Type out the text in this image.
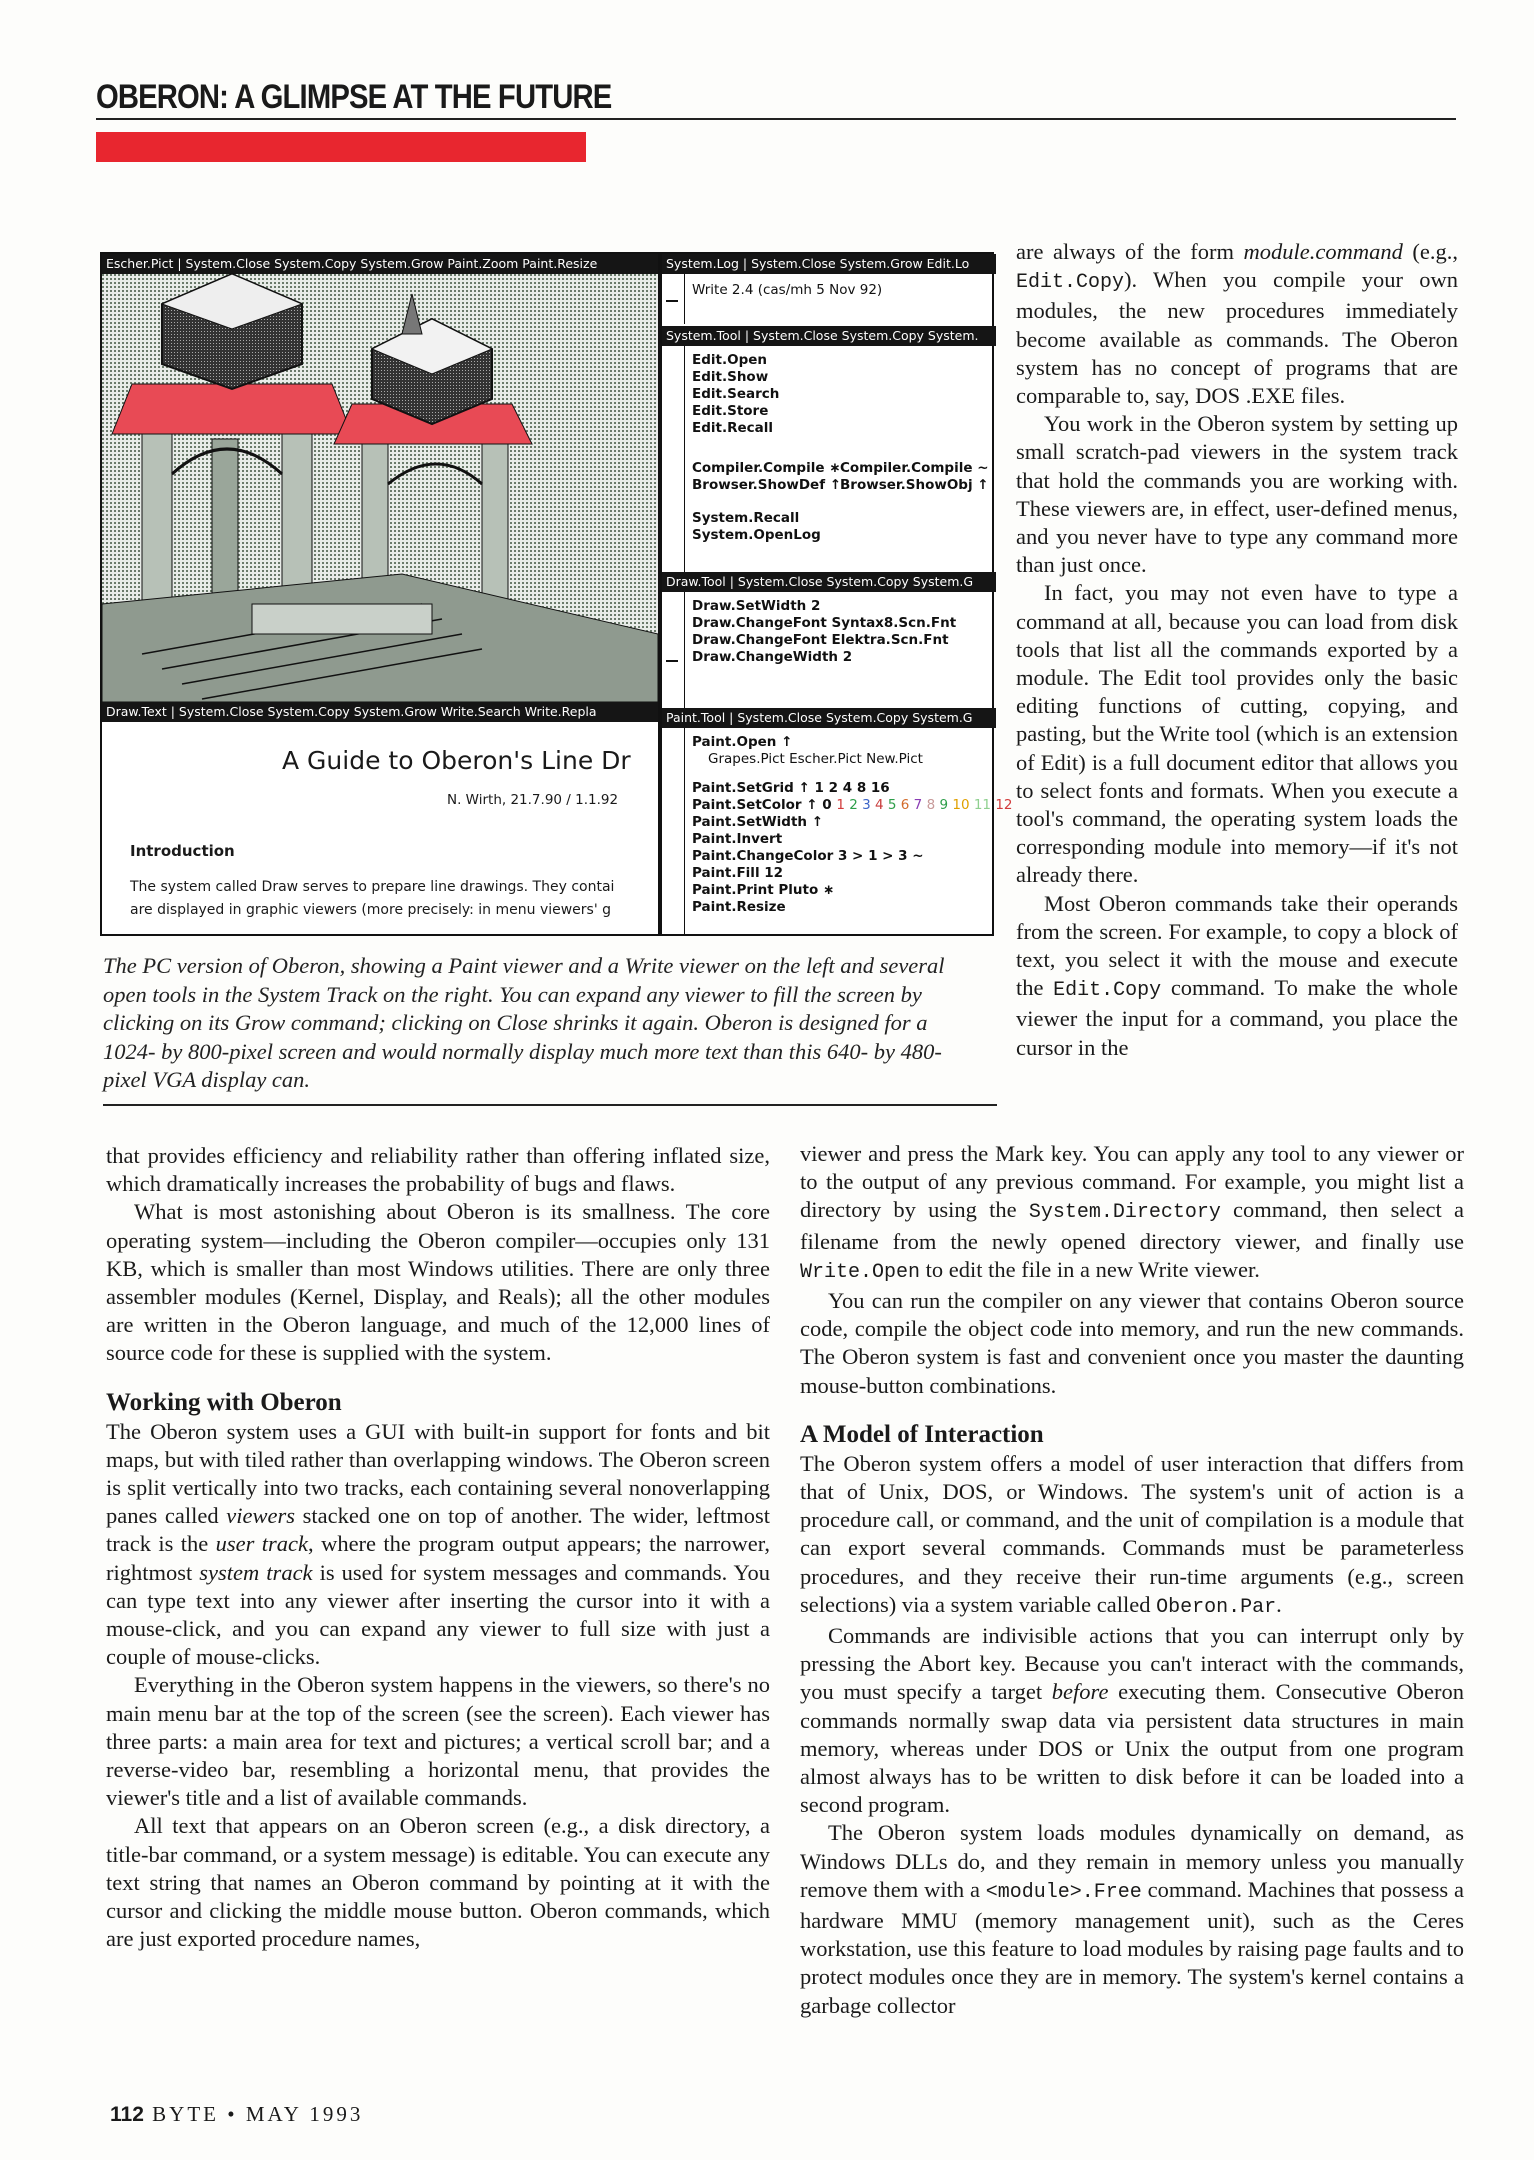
OBERON: A GLIMPSE AT THE FUTURE
Escher.Pict | System.Close System.Copy System.Grow Paint.Zoom Paint.Resize
Draw.Text | System.Close System.Copy System.Grow Write.Search Write.Repla
A Guide to Oberon's Line Dr
N. Wirth, 21.7.90 / 1.1.92
Introduction
The system called Draw serves to prepare line drawings. They contai
are displayed in graphic viewers (more precisely: in menu viewers' g
System.Log | System.Close System.Grow Edit.Lo
Write 2.4 (cas/mh 5 Nov 92)
System.Tool | System.Close System.Copy System.
Edit.Open
Edit.Show
Edit.Search
Edit.Store
Edit.Recall
Compiler.Compile ∗
Browser.ShowDef ↑
Compiler.Compile ~
Browser.ShowObj ↑
System.Recall
System.OpenLog
Draw.Tool | System.Close System.Copy System.G
Draw.SetWidth 2
Draw.ChangeFont Syntax8.Scn.Fnt
Draw.ChangeFont Elektra.Scn.Fnt
Draw.ChangeWidth 2
Paint.Tool | System.Close System.Copy System.G
Paint.Open ↑
Grapes.Pict Escher.Pict New.Pict
Paint.SetGrid ↑ 1 2 4 8 16
Paint.SetColor ↑ 0 1 2 3 4 5 6 7 8 9 10 11 12
Paint.SetWidth ↑
Paint.Invert
Paint.ChangeColor 3 > 1 > 3 ~
Paint.Fill 12
Paint.Print Pluto ∗
Paint.Resize
The PC version of Oberon, showing a Paint viewer and a Write viewer on the left and several open tools in the System Track on the right. You can expand any viewer to fill the screen by clicking on its Grow command; clicking on Close shrinks it again. Oberon is designed for a 1024- by 800-pixel screen and would normally display much more text than this 640- by 480-pixel VGA display can.

are always of the form module.command (e.g., Edit.Copy). When you compile your own modules, the new procedures immediately become available as commands. The Oberon system has no concept of programs that are comparable to, say, DOS .EXE files.

You work in the Oberon system by setting up small scratch-pad viewers in the system track that hold the commands you are working with. These viewers are, in effect, user-defined menus, and you never have to type any command more than just once.

In fact, you may not even have to type a command at all, because you can load from disk tools that list all the commands exported by a module. The Edit tool provides only the basic editing functions of cutting, copying, and pasting, but the Write tool (which is an extension of Edit) is a full document editor that allows you to select fonts and formats. When you execute a tool's command, the operating system loads the corresponding module into memory—if it's not already there.

Most Oberon commands take their operands from the screen. For example, to copy a block of text, you select it with the mouse and execute the Edit.Copy command. To make the whole viewer the input for a command, you place the cursor in the

that provides efficiency and reliability rather than offering inflated size, which dramatically increases the probability of bugs and flaws.

What is most astonishing about Oberon is its smallness. The core operating system—including the Oberon compiler—occupies only 131 KB, which is smaller than most Windows utilities. There are only three assembler modules (Kernel, Display, and Reals); all the other modules are written in the Oberon language, and much of the 12,000 lines of source code for these is supplied with the system.

Working with Oberon

The Oberon system uses a GUI with built-in support for fonts and bit maps, but with tiled rather than overlapping windows. The Oberon screen is split vertically into two tracks, each containing several nonoverlapping panes called viewers stacked one on top of another. The wider, leftmost track is the user track, where the program output appears; the narrower, rightmost system track is used for system messages and commands. You can type text into any viewer after inserting the cursor into it with a mouse-click, and you can expand any viewer to full size with just a couple of mouse-clicks.

Everything in the Oberon system happens in the viewers, so there's no main menu bar at the top of the screen (see the screen). Each viewer has three parts: a main area for text and pictures; a vertical scroll bar; and a reverse-video bar, resembling a horizontal menu, that provides the viewer's title and a list of available commands.

All text that appears on an Oberon screen (e.g., a disk directory, a title-bar command, or a system message) is editable. You can execute any text string that names an Oberon command by pointing at it with the cursor and clicking the middle mouse button. Oberon commands, which are just exported procedure names,

viewer and press the Mark key. You can apply any tool to any viewer or to the output of any previous command. For example, you might list a directory by using the System.Directory command, then select a filename from the newly opened directory viewer, and finally use Write.Open to edit the file in a new Write viewer.

You can run the compiler on any viewer that contains Oberon source code, compile the object code into memory, and run the new commands. The Oberon system is fast and convenient once you master the daunting mouse-button combinations.

A Model of Interaction

The Oberon system offers a model of user interaction that differs from that of Unix, DOS, or Windows. The system's unit of action is a procedure call, or command, and the unit of compilation is a module that can export several commands. Commands must be parameterless procedures, and they receive their run-time arguments (e.g., screen selections) via a system variable called Oberon.Par.

Commands are indivisible actions that you can interrupt only by pressing the Abort key. Because you can't interact with the commands, you must specify a target before executing them. Consecutive Oberon commands normally swap data via persistent data structures in main memory, whereas under DOS or Unix the output from one program almost always has to be written to disk before it can be loaded into a second program.

The Oberon system loads modules dynamically on demand, as Windows DLLs do, and they remain in memory unless you manually remove them with a <module>.Free command. Machines that possess a hardware MMU (memory management unit), such as the Ceres workstation, use this feature to load modules by raising page faults and to protect modules once they are in memory. The system's kernel contains a garbage collector

112 BYTE • MAY 1993
